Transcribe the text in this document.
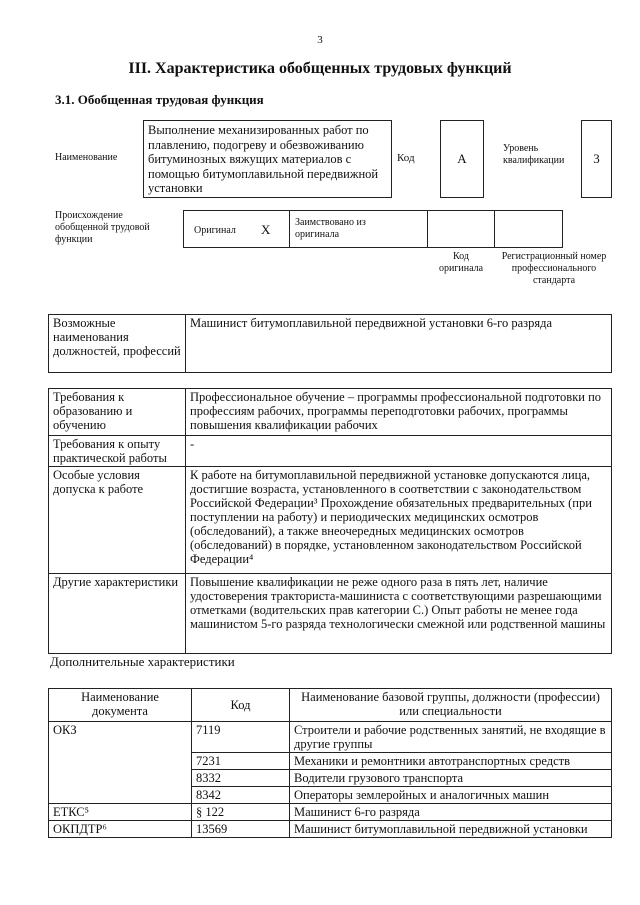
3
III. Характеристика обобщенных трудовых функций
3.1. Обобщенная трудовая функция
Наименование
Выполнение механизированных работ по плавлению, подогреву и обезвоживанию битуминозных вяжущих материалов с помощью битумоплавильной передвижной установки
Код	A
Уровень квалификации	3
Происхождение обобщенной трудовой функции
Оригинал X Заимствовано из оригинала
Код оригинала
Регистрационный номер профессионального стандарта
Возможные наименования должностей, профессий	Машинист битумоплавильной передвижной установки 6-го разряда
Требования к образованию и обучению	Профессиональное обучение – программы профессиональной подготовки по профессиям рабочих, программы переподготовки рабочих, программы повышения квалификации рабочих
Требования к опыту практической работы	-
Особые условия допуска к работе	К работе на битумоплавильной передвижной установке допускаются лица, достигшие возраста, установленного в соответствии с законодательством Российской Федерации³ Прохождение обязательных предварительных (при поступлении на работу) и периодических медицинских осмотров (обследований), а также внеочередных медицинских осмотров (обследований) в порядке, установленном законодательством Российской Федерации⁴
Другие характеристики	Повышение квалификации не реже одного раза в пять лет, наличие удостоверения тракториста-машиниста с соответствующими разрешающими отметками (водительских прав категории С.) Опыт работы не менее года машинистом 5-го разряда технологически смежной или родственной машины
Дополнительные характеристики
Наименование документа	Код	Наименование базовой группы, должности (профессии) или специальности
ОКЗ	7119	Строители и рабочие родственных занятий, не входящие в другие группы
	7231	Механики и ремонтники автотранспортных средств
	8332	Водители грузового транспорта
	8342	Операторы землеройных и аналогичных машин
ЕТКС⁵	§ 122	Машинист 6-го разряда
ОКПДТР⁶	13569	Машинист битумоплавильной передвижной установки
